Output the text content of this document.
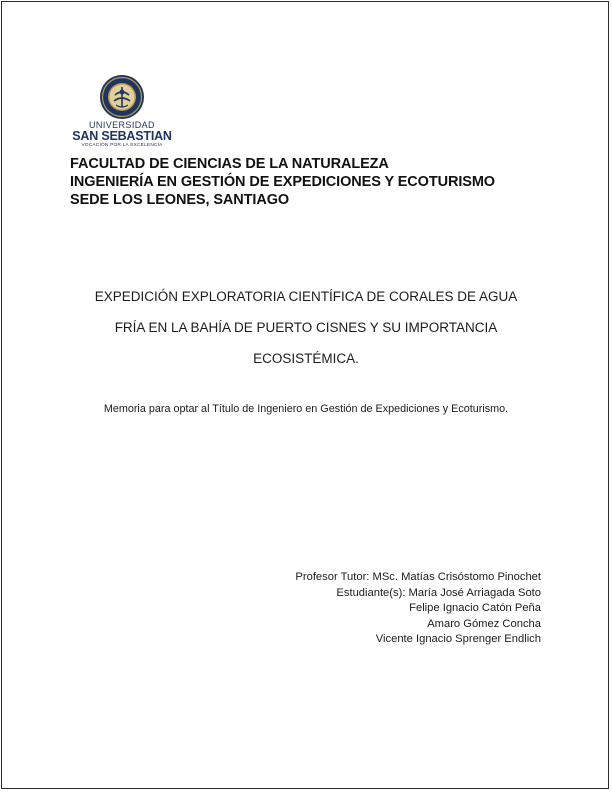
UNIVERSIDAD
SAN SEBASTIAN
VOCACIÓN POR LA EXCELENCIA
FACULTAD DE CIENCIAS DE LA NATURALEZA
INGENIERÍA EN GESTIÓN DE EXPEDICIONES Y ECOTURISMO
SEDE LOS LEONES, SANTIAGO
EXPEDICIÓN EXPLORATORIA CIENTÍFICA DE CORALES DE AGUA
FRÍA EN LA BAHÍA DE PUERTO CISNES Y SU IMPORTANCIA
ECOSISTÉMICA.
Memoria para optar al Título de Ingeniero en Gestión de Expediciones y Ecoturismo.
Profesor Tutor: MSc. Matías Crisóstomo Pinochet
Estudiante(s): María José Arriagada Soto
Felipe Ignacio Catón Peña
Amaro Gómez Concha
Vicente Ignacio Sprenger Endlich
